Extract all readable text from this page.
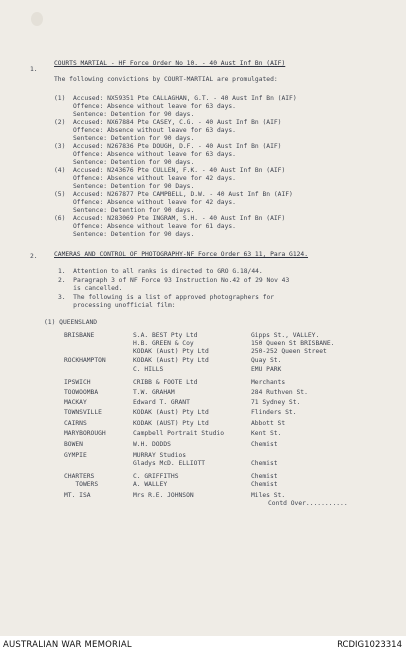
1.
COURTS MARTIAL - HF Force Order No 10. - 40 Aust Inf Bn (AIF)
The following convictions by COURT-MARTIAL are promulgated:
(1)  Accused: NX59351 Pte CALLAGHAN, G.T. - 40 Aust Inf Bn (AIF)
Offence: Absence without leave for 63 days.
Sentence: Detention for 90 days.
(2)  Accused: NX67884 Pte CASEY, C.G. - 40 Aust Inf Bn (AIF)
Offence: Absence without leave for 63 days.
Sentence: Detention for 90 days.
(3)  Accused: N267836 Pte DOUGH, D.F. - 40 Aust Inf Bn (AIF)
Offence: Absence without leave for 63 days.
Sentence: Detention for 90 days.
(4)  Accused: N243676 Pte CULLEN, F.K. - 40 Aust Inf Bn (AIF)
Offence: Absence without leave for 42 days.
Sentence: Detention for 90 Days.
(5)  Accused: N267877 Pte CAMPBELL, D.W. - 40 Aust Inf Bn (AIF)
Offence: Absence without leave for 42 days.
Sentence: Detention for 90 days.
(6)  Accused: N283069 Pte INGRAM, S.H. - 40 Aust Inf Bn (AIF)
Offence: Absence without leave for 61 days.
Sentence: Detention for 90 days.
2.	CAMERAS AND CONTROL OF PHOTOGRAPHY-NF Force Order 63 11, Para G124.
1.  Attention to all ranks is directed to GRO G.18/44.
2.  Paragraph 3 of NF Force 93 Instruction No.42 of 29 Nov 43
is cancelled.
3.  The following is a list of approved photographers for
processing unofficial film:
(1) QUEENSLAND
BRISBANE	S.A. BEST Pty Ltd	Gipps St., VALLEY.
H.B. GREEN & Coy	150 Queen St BRISBANE.
KODAK (Aust) Pty Ltd	250-252 Queen Street
ROCKHAMPTON	KODAK (Aust) Pty Ltd	Quay St.
C. HILLS	EMU PARK
IPSWICH	CRIBB & FOOTE Ltd	Merchants
TOOWOOMBA	T.W. GRAHAM	284 Ruthven St.
MACKAY	Edward T. GRANT	71 Sydney St.
TOWNSVILLE	KODAK (Aust) Pty Ltd	Flinders St.
CAIRNS	KODAK (AUST) Pty Ltd	Abbott St
MARYBOROUGH	Campbell Portrait Studio	Kent St.
BOWEN	W.H. DODDS	Chemist
GYMPIE	MURRAY Studios
Gladys McD. ELLIOTT	Chemist
CHARTERS	C. GRIFFITHS	Chemist
TOWERS	A. WALLEY	Chemist
MT. ISA	Mrs R.E. JOHNSON	Miles St.
Contd Over...........
AUSTRALIAN WAR MEMORIAL	RCDIG1023314
